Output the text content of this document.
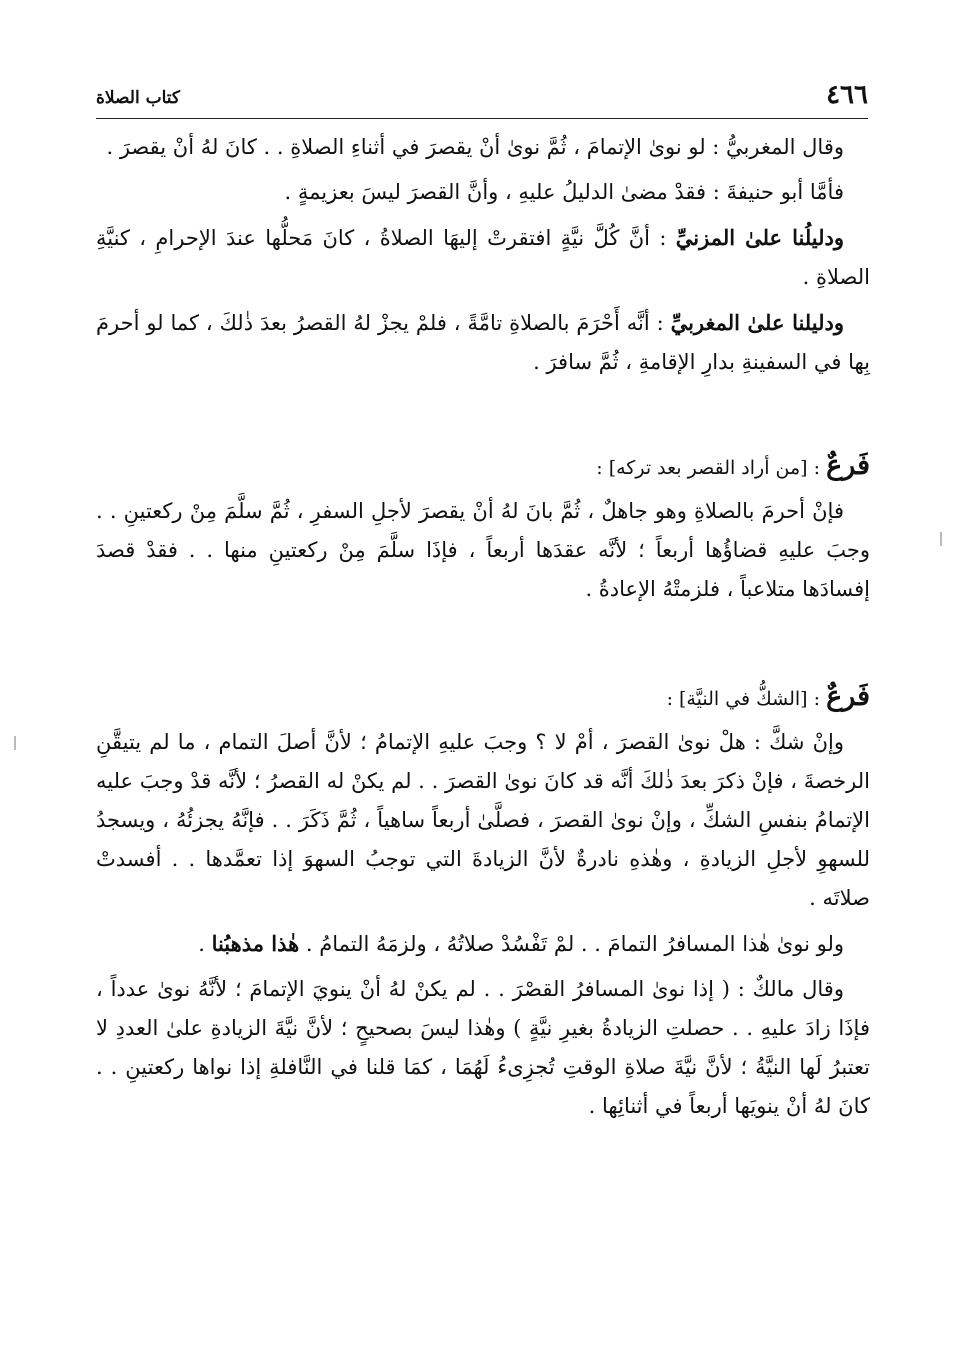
٤٦٦
كتاب الصلاة

وقال المغربيُّ : لو نوىٰ الإتمامَ ، ثُمَّ نوىٰ أنْ يقصرَ في أثناءِ الصلاةِ . . كانَ لهُ أنْ يقصرَ .

فأمَّا أبو حنيفةَ : فقدْ مضىٰ الدليلُ عليهِ ، وأنَّ القصرَ ليسَ بعزيمةٍ .

ودليلُنا علىٰ المزنيِّ : أنَّ كُلَّ نيَّةٍ افتقرتْ إليهَا الصلاةُ ، كانَ مَحلُّها عندَ الإحرامِ ، كنيَّةِ الصلاةِ .

ودليلنا علىٰ المغربيِّ : أنَّه أَحْرَمَ بالصلاةِ تامَّةً ، فلمْ يجزْ لهُ القصرُ بعدَ ذٰلكَ ، كما لو أحرمَ بِها في السفينةِ بدارِ الإقامةِ ، ثُمَّ سافرَ .

فَرعٌ : [من أراد القصر بعد تركه] :

فإنْ أحرمَ بالصلاةِ وهو جاهلٌ ، ثُمَّ بانَ لهُ أنْ يقصرَ لأجلِ السفرِ ، ثُمَّ سلَّمَ مِنْ ركعتينِ . . وجبَ عليهِ قضاؤُها أربعاً ؛ لأنَّه عقدَها أربعاً ، فإذَا سلَّمَ مِنْ ركعتينِ منها . . فقدْ قصدَ إفسادَها متلاعباً ، فلزمتْهُ الإعادةُ .

فَرعٌ : [الشكُّ في النيَّة] :

وإنْ شكَّ : هلْ نوىٰ القصرَ ، أمْ لا ؟ وجبَ عليهِ الإتمامُ ؛ لأنَّ أصلَ التمام ، ما لم يتيقَّنِ الرخصةَ ، فإنْ ذكرَ بعدَ ذٰلكَ أنَّه قد كانَ نوىٰ القصرَ . . لم يكنْ له القصرُ ؛ لأنَّه قدْ وجبَ عليه الإتمامُ بنفسِ الشكِّ ، وإنْ نوىٰ القصرَ ، فصلَّىٰ أربعاً ساهياً ، ثُمَّ ذَكَرَ . . فإنَّهُ يجزئُهُ ، ويسجدُ للسهوِ لأجلِ الزيادةِ ، وهٰذهِ نادرةٌ لأنَّ الزيادةَ التي توجبُ السهوَ إذا تعمَّدها . . أفسدتْ صلاتَه .

ولو نوىٰ هٰذا المسافرُ التمامَ . . لمْ تَفْسُدْ صلاتُهُ ، ولزمَهُ التمامُ . هٰذا مذهبُنا .

وقال مالكٌ : ( إذا نوىٰ المسافرُ القصْرَ . . لم يكنْ لهُ أنْ ينويَ الإتمامَ ؛ لأنَّهُ نوىٰ عدداً ، فإذَا زادَ عليهِ . . حصلتِ الزيادةُ بغيرِ نيَّةٍ ) وهٰذا ليسَ بصحيحٍ ؛ لأنَّ نيَّةَ الزيادةِ علىٰ العددِ لا تعتبرُ لَها النيَّةُ ؛ لأنَّ نيَّةَ صلاةِ الوقتِ تُجزِىءُ لَهُمَا ، كمَا قلنا في النَّافلةِ إذا نواها ركعتينِ . . كانَ لهُ أنْ ينويَها أربعاً في أثنائِها .
